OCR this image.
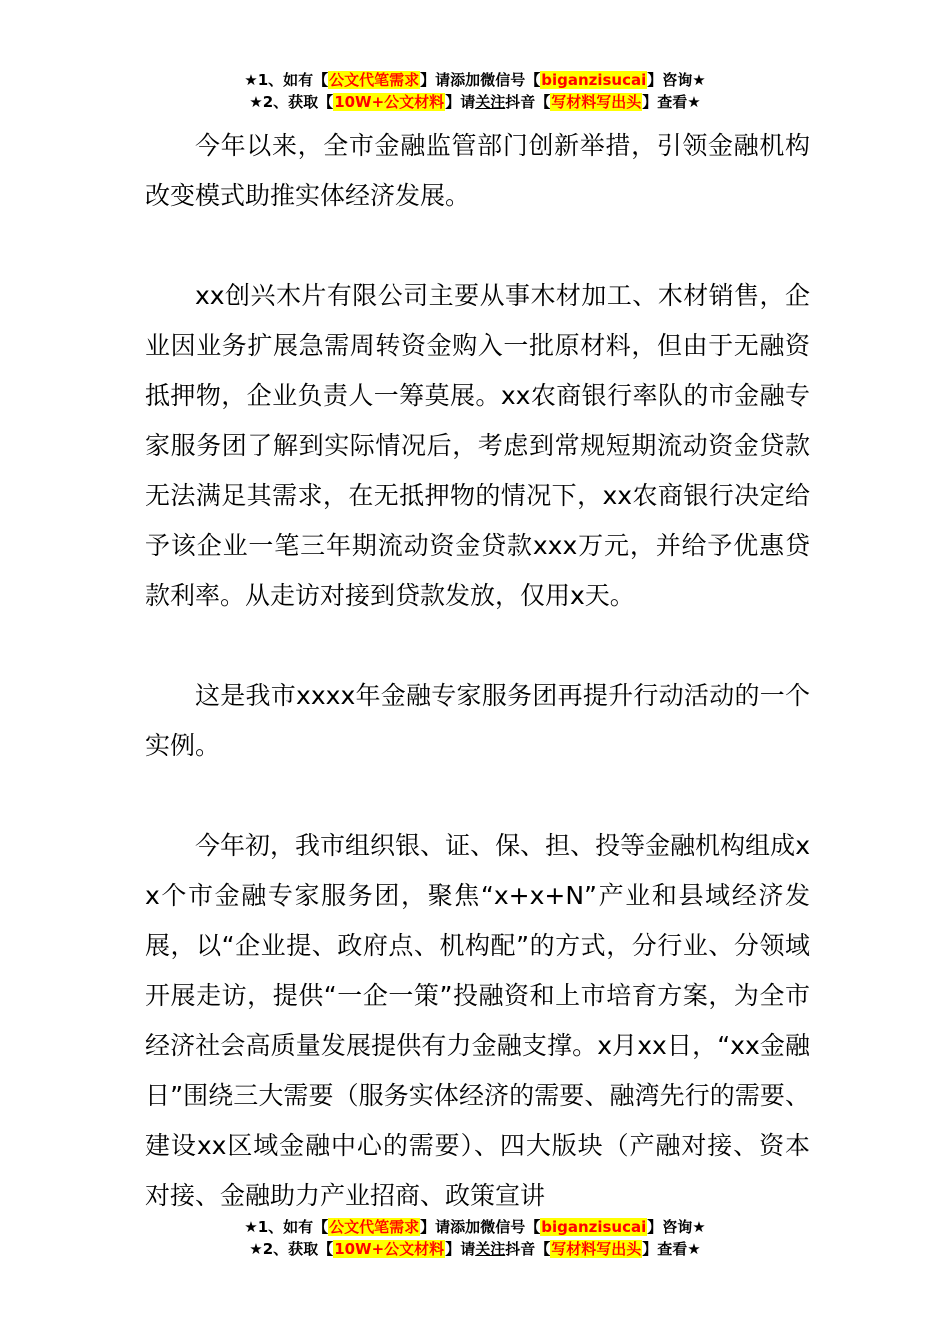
★1、如有【公文代笔需求】请添加微信号【biganzisucai】咨询★
★2、获取【10W+公文材料】请关注抖音【写材料写出头】查看★

今年以来，全市金融监管部门创新举措，引领金融机构改变模式助推实体经济发展。

xx创兴木片有限公司主要从事木材加工、木材销售，企业因业务扩展急需周转资金购入一批原材料，但由于无融资抵押物，企业负责人一筹莫展。xx农商银行率队的市金融专家服务团了解到实际情况后，考虑到常规短期流动资金贷款无法满足其需求，在无抵押物的情况下，xx农商银行决定给予该企业一笔三年期流动资金贷款xxx万元，并给予优惠贷款利率。从走访对接到贷款发放，仅用x天。

这是我市xxxx年金融专家服务团再提升行动活动的一个实例。

今年初，我市组织银、证、保、担、投等金融机构组成xx个市金融专家服务团，聚焦“x+x+N”产业和县域经济发展，以“企业提、政府点、机构配”的方式，分行业、分领域开展走访，提供“一企一策”投融资和上市培育方案，为全市经济社会高质量发展提供有力金融支撑。x月xx日，“xx金融日”围绕三大需要（服务实体经济的需要、融湾先行的需要、建设xx区域金融中心的需要）、四大版块（产融对接、资本对接、金融助力产业招商、政策宣讲

★1、如有【公文代笔需求】请添加微信号【biganzisucai】咨询★
★2、获取【10W+公文材料】请关注抖音【写材料写出头】查看★
